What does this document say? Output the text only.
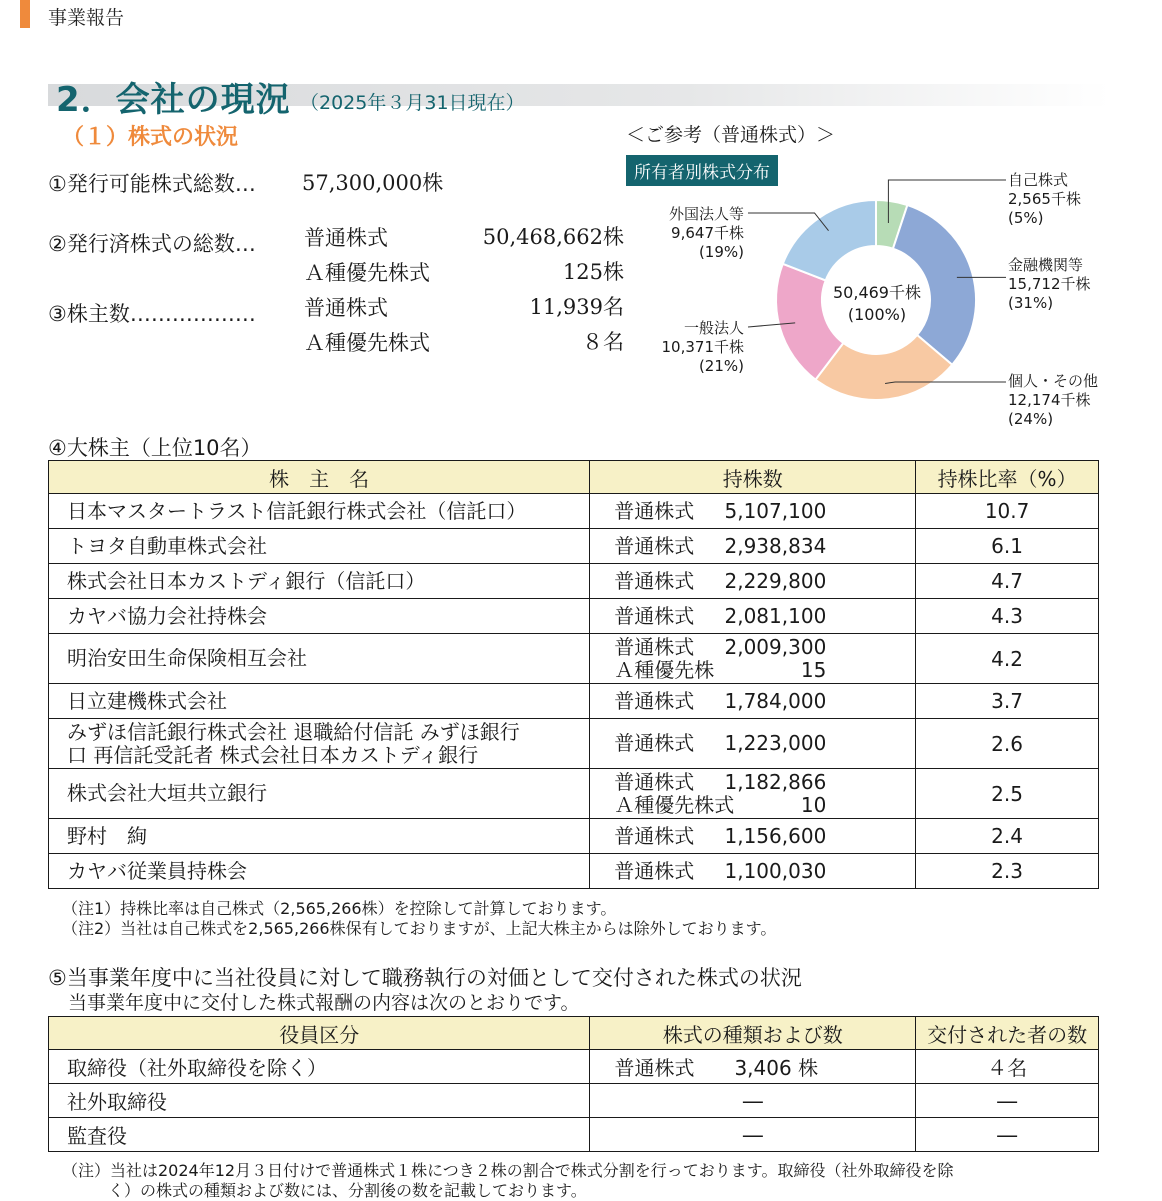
事業報告
2．会社の現況 （2025年３月31日現在）
（１）株式の状況
①発行可能株式総数… 57,300,000株
②発行済株式の総数… 普通株式	50,468,662株
Ａ種優先株式	125株
③株主数……………… 普通株式	11,939名
Ａ種優先株式	８名
＜ご参考（普通株式）＞
所有者別株式分布
50,469千株
(100%)
自己株式
2,565千株
(5%)
金融機関等
15,712千株
(31%)
個人・その他
12,174千株
(24%)
一般法人
10,371千株
(21%)
外国法人等
9,647千株
(19%)
④大株主（上位10名）
株　主　名	持株数	持株比率（%）

日本マスタートラスト信託銀行株式会社（信託口）	普通株式 5,107,100	10.7

トヨタ自動車株式会社	普通株式 2,938,834	6.1

株式会社日本カストディ銀行（信託口）	普通株式 2,229,800	4.7

カヤバ協力会社持株会	普通株式 2,081,100	4.3

明治安田生命保険相互会社	普通株式 2,009,300
Ａ種優先株 15	4.2

日立建機株式会社	普通株式 1,784,000	3.7

みずほ信託銀行株式会社 退職給付信託 みずほ銀行
口 再信託受託者 株式会社日本カストディ銀行	普通株式 1,223,000	2.6

株式会社大垣共立銀行	普通株式 1,182,866
Ａ種優先株式 10	2.5

野村　絢	普通株式 1,156,600	2.4

カヤバ従業員持株会	普通株式 1,100,030	2.3
（注1）持株比率は自己株式（2,565,266株）を控除して計算しております。
（注2）当社は自己株式を2,565,266株保有しておりますが、上記大株主からは除外しております。
⑤当事業年度中に当社役員に対して職務執行の対価として交付された株式の状況
当事業年度中に交付した株式報酬の内容は次のとおりです。
役員区分	株式の種類および数	交付された者の数
取締役（社外取締役を除く）	普通株式　　3,406 株	４名
社外取締役	―	―
監査役	―	―
（注）当社は2024年12月３日付けで普通株式１株につき２株の割合で株式分割を行っております。取締役（社外取締役を除
く）の株式の種類および数には、分割後の数を記載しております。
